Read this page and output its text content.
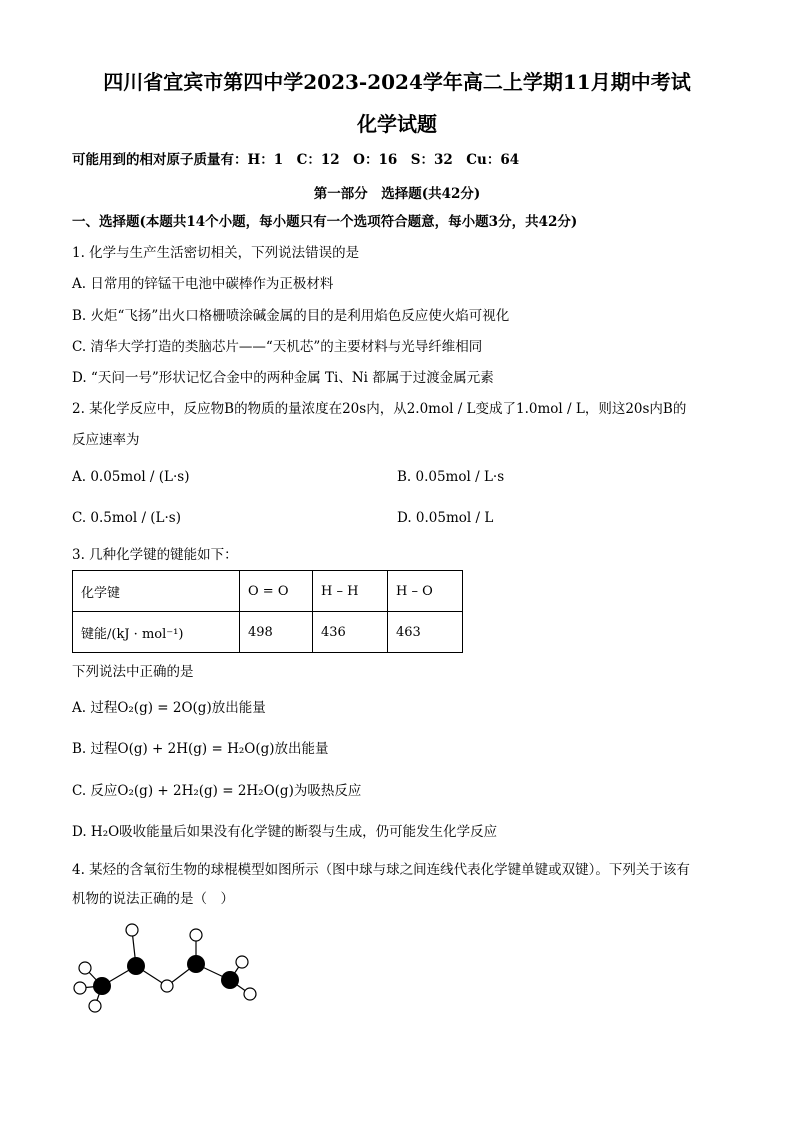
四川省宜宾市第四中学2023-2024学年高二上学期11月期中考试
化学试题
可能用到的相对原子质量有：H：1　C：12　O：16　S：32　Cu：64
第一部分　选择题(共42分)
一、选择题(本题共14个小题，每小题只有一个选项符合题意，每小题3分，共42分)
1. 化学与生产生活密切相关，下列说法错误的是
A. 日常用的锌锰干电池中碳棒作为正极材料
B. 火炬“飞扬”出火口格栅喷涂碱金属的目的是利用焰色反应使火焰可视化
C. 清华大学打造的类脑芯片——“天机芯”的主要材料与光导纤维相同
D. “天问一号”形状记忆合金中的两种金属 Ti、Ni 都属于过渡金属元素
2. 某化学反应中，反应物B的物质的量浓度在20s内，从2.0mol / L变成了1.0mol / L，则这20s内B的
反应速率为
A. 0.05mol / (L·s)	B. 0.05mol / L·s
C. 0.5mol / (L·s)	D. 0.05mol / L
3. 几种化学键的键能如下：
化学键	O = O	H – H	H – O
键能/(kJ · mol⁻¹)	498	436	463
下列说法中正确的是
A. 过程O₂(g) = 2O(g)放出能量
B. 过程O(g) + 2H(g) = H₂O(g)放出能量
C. 反应O₂(g) + 2H₂(g) = 2H₂O(g)为吸热反应
D. H₂O吸收能量后如果没有化学键的断裂与生成，仍可能发生化学反应
4. 某烃的含氧衍生物的球棍模型如图所示（图中球与球之间连线代表化学键单键或双键）。下列关于该有
机物的说法正确的是（　）
